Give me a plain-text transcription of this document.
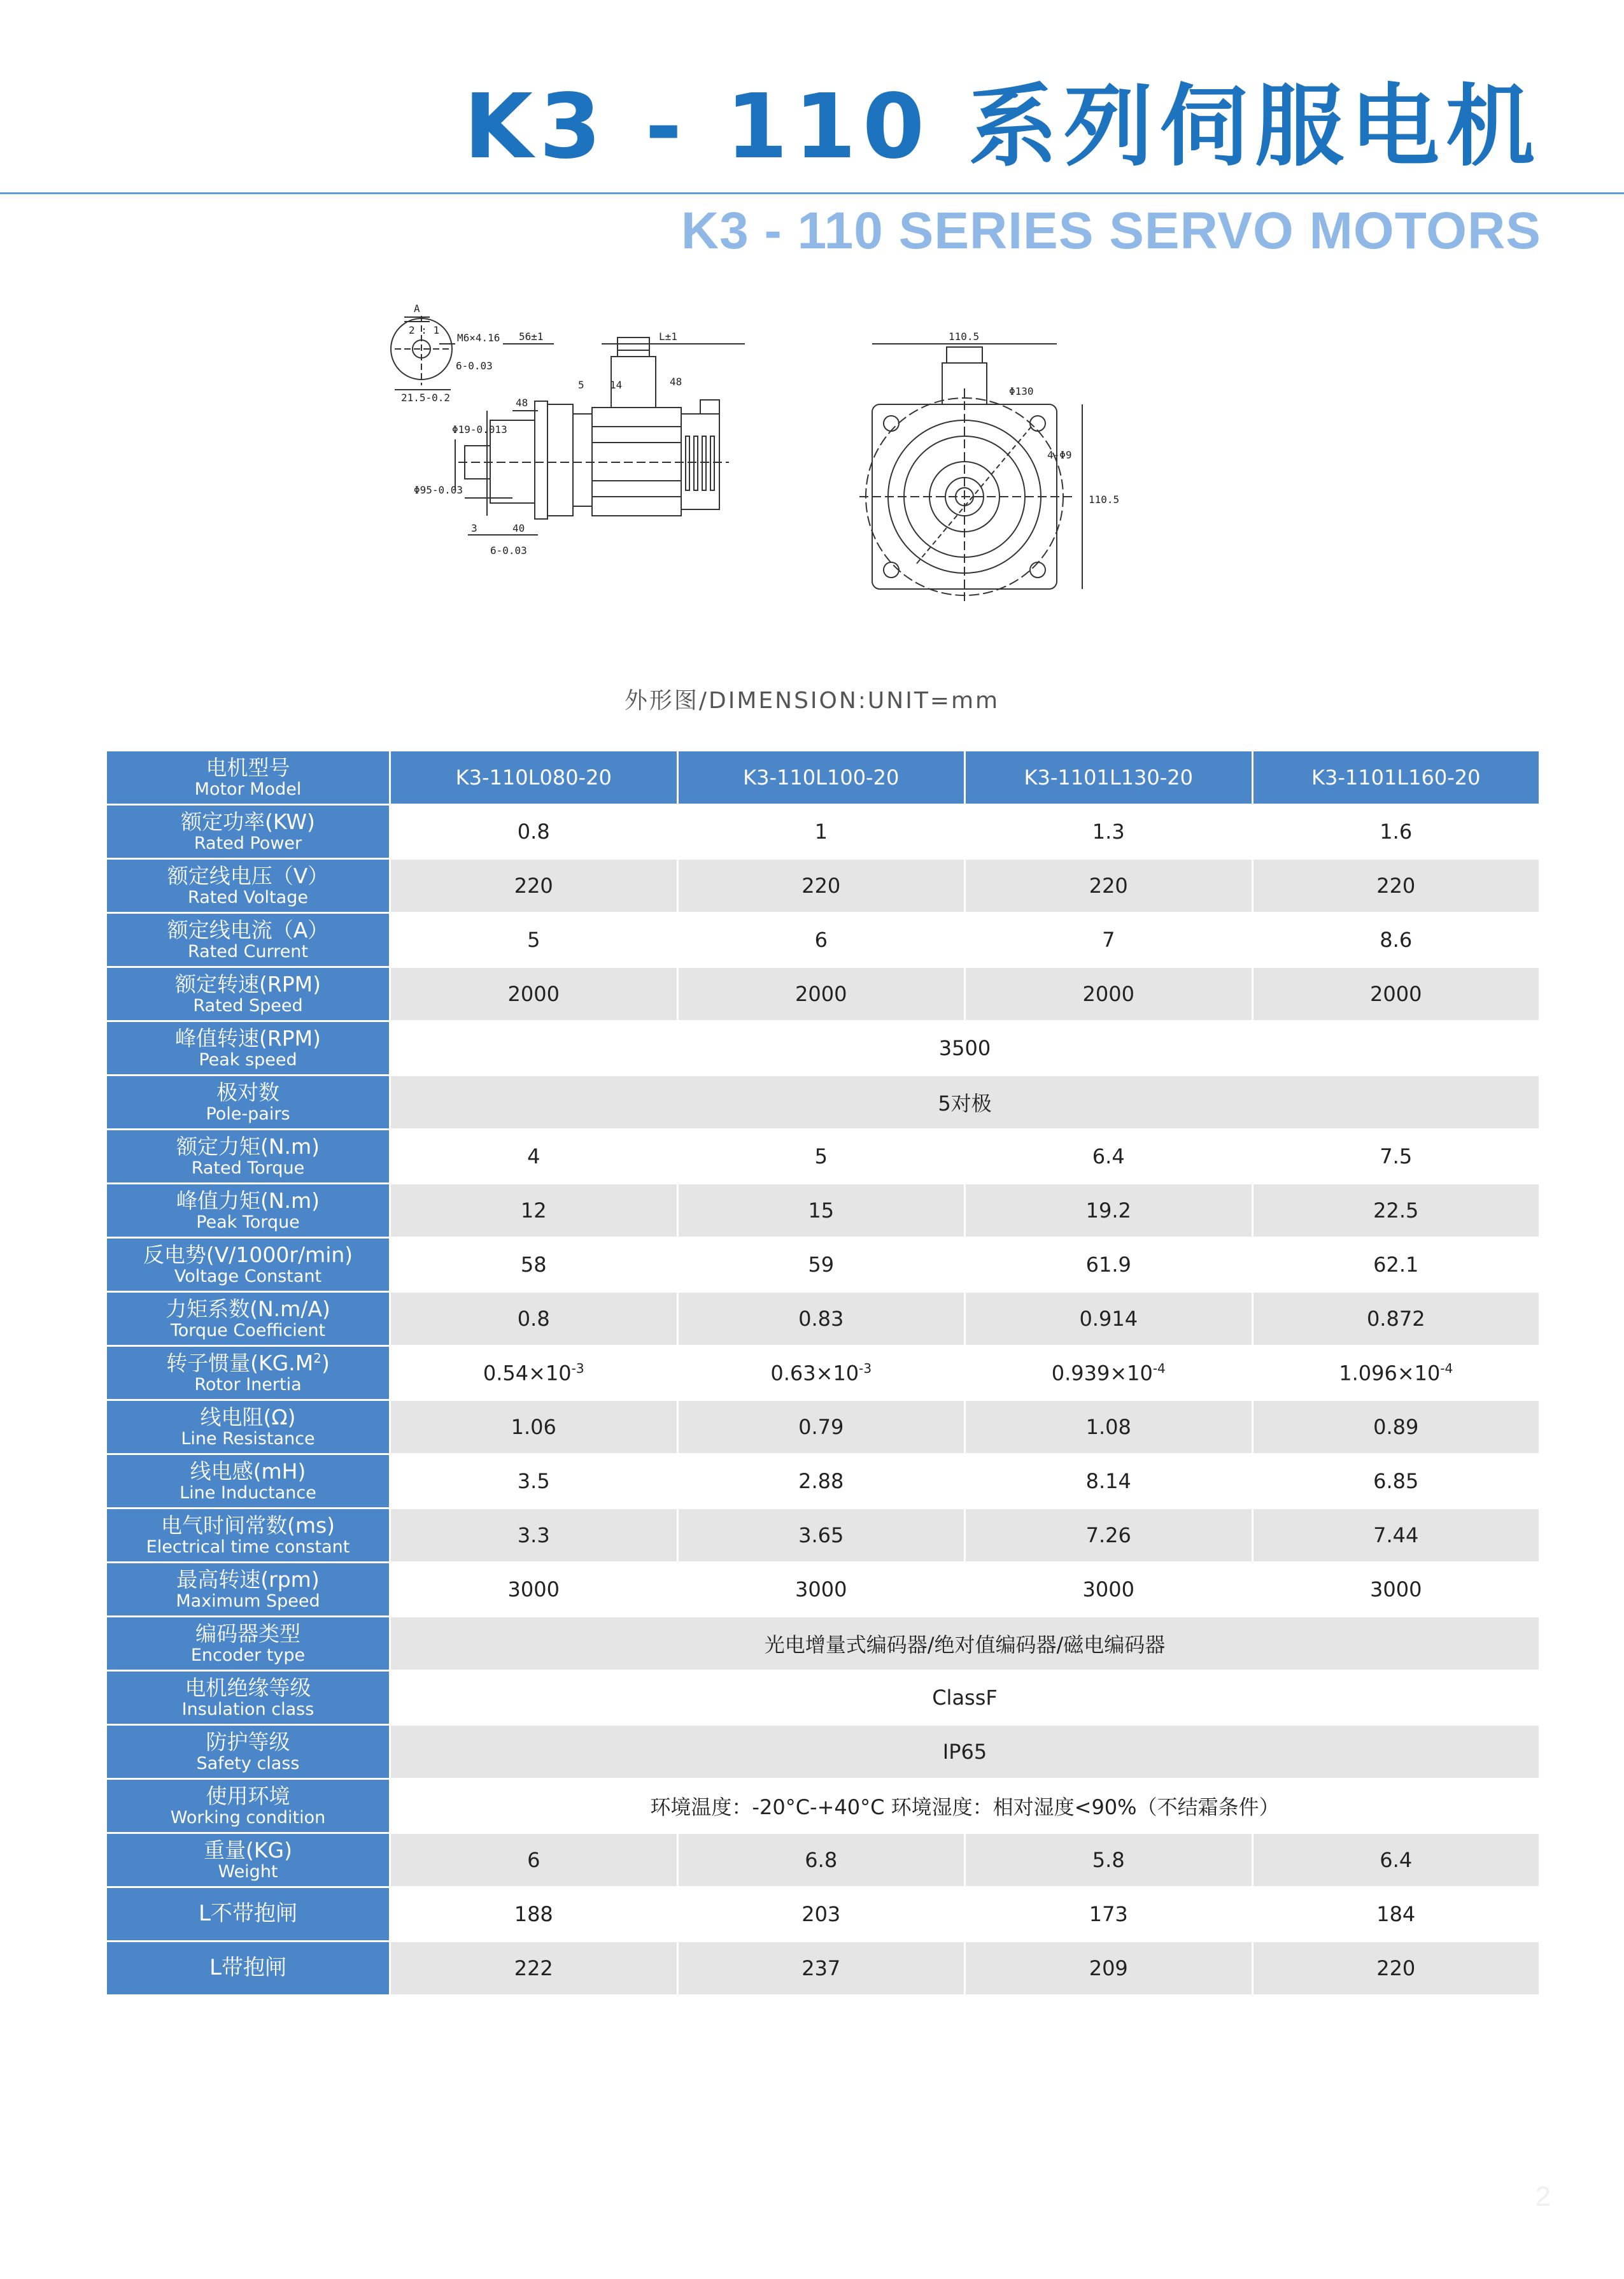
K3 - 110 系列伺服电机
K3 - 110 SERIES SERVO MOTORS
A
2 : 1
M6×4.16
6-0.03
21.5-0.2
56±1	L±1
5	14	48
48
3	40
Φ95-0.03
Φ19-0.013
6-0.03
110.5
110.5
Φ130
4-Φ9
外形图/DIMENSION:UNIT=mm
电机型号
Motor Model	K3-110L080-20	K3-110L100-20	K3-1101L130-20	K3-1101L160-20

额定功率(KW)
Rated Power	0.8	1	1.3	1.6

额定线电压（V）
Rated Voltage	220	220	220	220

额定线电流（A）
Rated Current	5	6	7	8.6

额定转速(RPM)
Rated Speed	2000	2000	2000	2000

峰值转速(RPM)
Peak speed	3500			

极对数
Pole-pairs	5对极			

额定力矩(N.m)
Rated Torque	4	5	6.4	7.5

峰值力矩(N.m)
Peak Torque	12	15	19.2	22.5

反电势(V/1000r/min)
Voltage Constant	58	59	61.9	62.1

力矩系数(N.m/A)
Torque Coefficient	0.8	0.83	0.914	0.872

转子惯量$(KG.M^2)$
Rotor Inertia	$0.54\times 10^{-3}$	$0.63\times 10^{-3}$	$0.939\times 10^{-4}$	$1.096\times 10^{-4}$

线电阻(Ω)
Line Resistance	1.06	0.79	1.08	0.89

线电感(mH)
Line Inductance	3.5	2.88	8.14	6.85

电气时间常数(ms)
Electrical time constant	3.3	3.65	7.26	7.44

最高转速(rpm)
Maximum Speed	3000	3000	3000	3000

编码器类型
Encoder type	光电增量式编码器/绝对值编码器/磁电编码器			

电机绝缘等级
Insulation class	ClassF			

防护等级
Safety class	IP65			

使用环境
Working condition	环境温度：-20°C-+40°C 环境湿度：相对湿度<90%（不结霜条件）			

重量(KG)
Weight	6	6.8	5.8	6.4
L不带抱闸	188	203	173	184
L带抱闸	222	237	209	220
2
